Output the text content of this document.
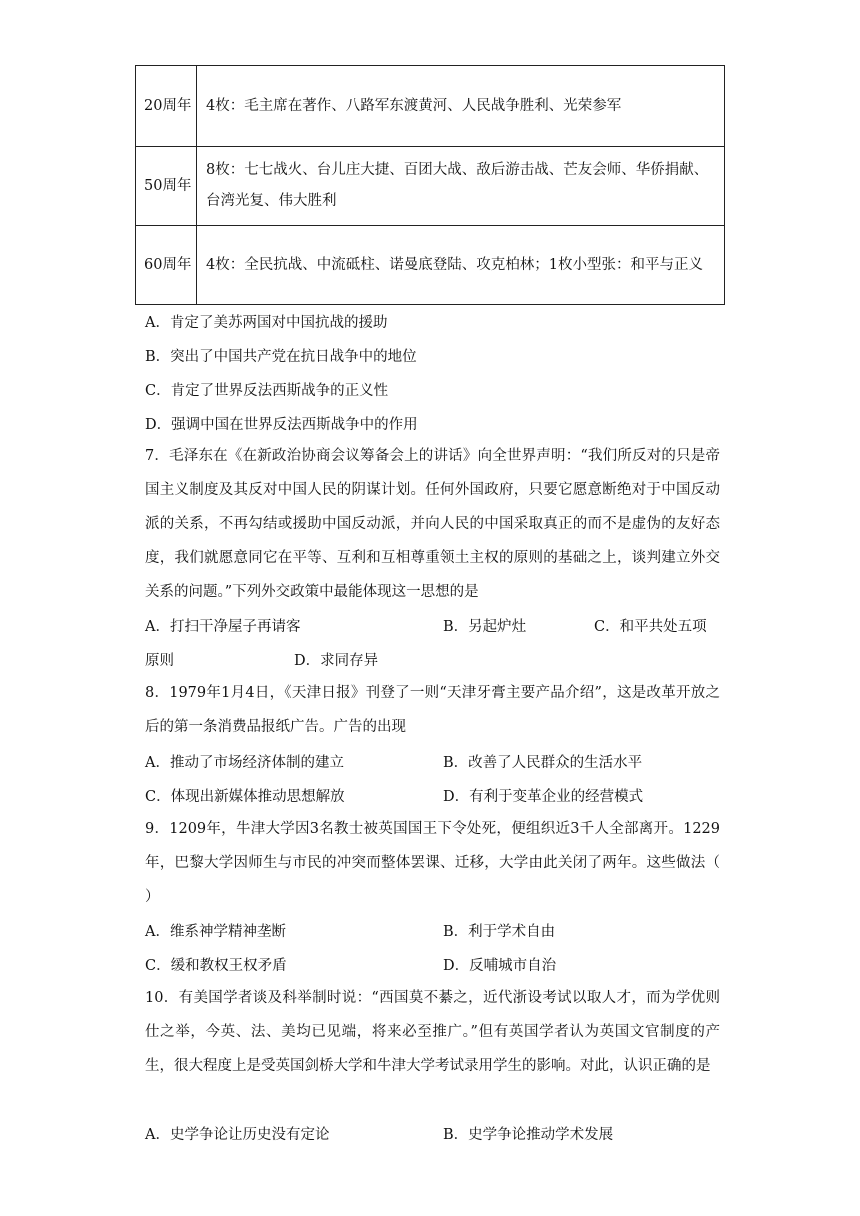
20周年	4枚：毛主席在著作、八路军东渡黄河、人民战争胜利、光荣参军
50周年	8枚：七七战火、台儿庄大捷、百团大战、敌后游击战、芒友会师、华侨捐献、台湾光复、伟大胜利
60周年	4枚：全民抗战、中流砥柱、诺曼底登陆、攻克柏林；1枚小型张：和平与正义
A．肯定了美苏两国对中国抗战的援助
B．突出了中国共产党在抗日战争中的地位
C．肯定了世界反法西斯战争的正义性
D．强调中国在世界反法西斯战争中的作用
7．毛泽东在《在新政治协商会议筹备会上的讲话》向全世界声明：“我们所反对的只是帝国主义制度及其反对中国人民的阴谋计划。任何外国政府，只要它愿意断绝对于中国反动派的关系，不再勾结或援助中国反动派，并向人民的中国采取真正的而不是虚伪的友好态度，我们就愿意同它在平等、互利和互相尊重领土主权的原则的基础之上，谈判建立外交关系的问题。”下列外交政策中最能体现这一思想的是
A．打扫干净屋子再请客	B．另起炉灶	C．和平共处五项
原则	D．求同存异
8．1979年1月4日，《天津日报》刊登了一则“天津牙膏主要产品介绍”，这是改革开放之后的第一条消费品报纸广告。广告的出现
A．推动了市场经济体制的建立	B．改善了人民群众的生活水平
C．体现出新媒体推动思想解放	D．有利于变革企业的经营模式
9．1209年，牛津大学因3名教士被英国国王下令处死，便组织近3千人全部离开。1229年，巴黎大学因师生与市民的冲突而整体罢课、迁移，大学由此关闭了两年。这些做法（ ）
A．维系神学精神垄断	B．利于学术自由
C．缓和教权王权矛盾	D．反哺城市自治
10．有美国学者谈及科举制时说：“西国莫不綦之，近代浙设考试以取人才，而为学优则仕之举，今英、法、美均已见端，将来必至推广。”但有英国学者认为英国文官制度的产生，很大程度上是受英国剑桥大学和牛津大学考试录用学生的影响。对此，认识正确的是
A．史学争论让历史没有定论	B．史学争论推动学术发展
